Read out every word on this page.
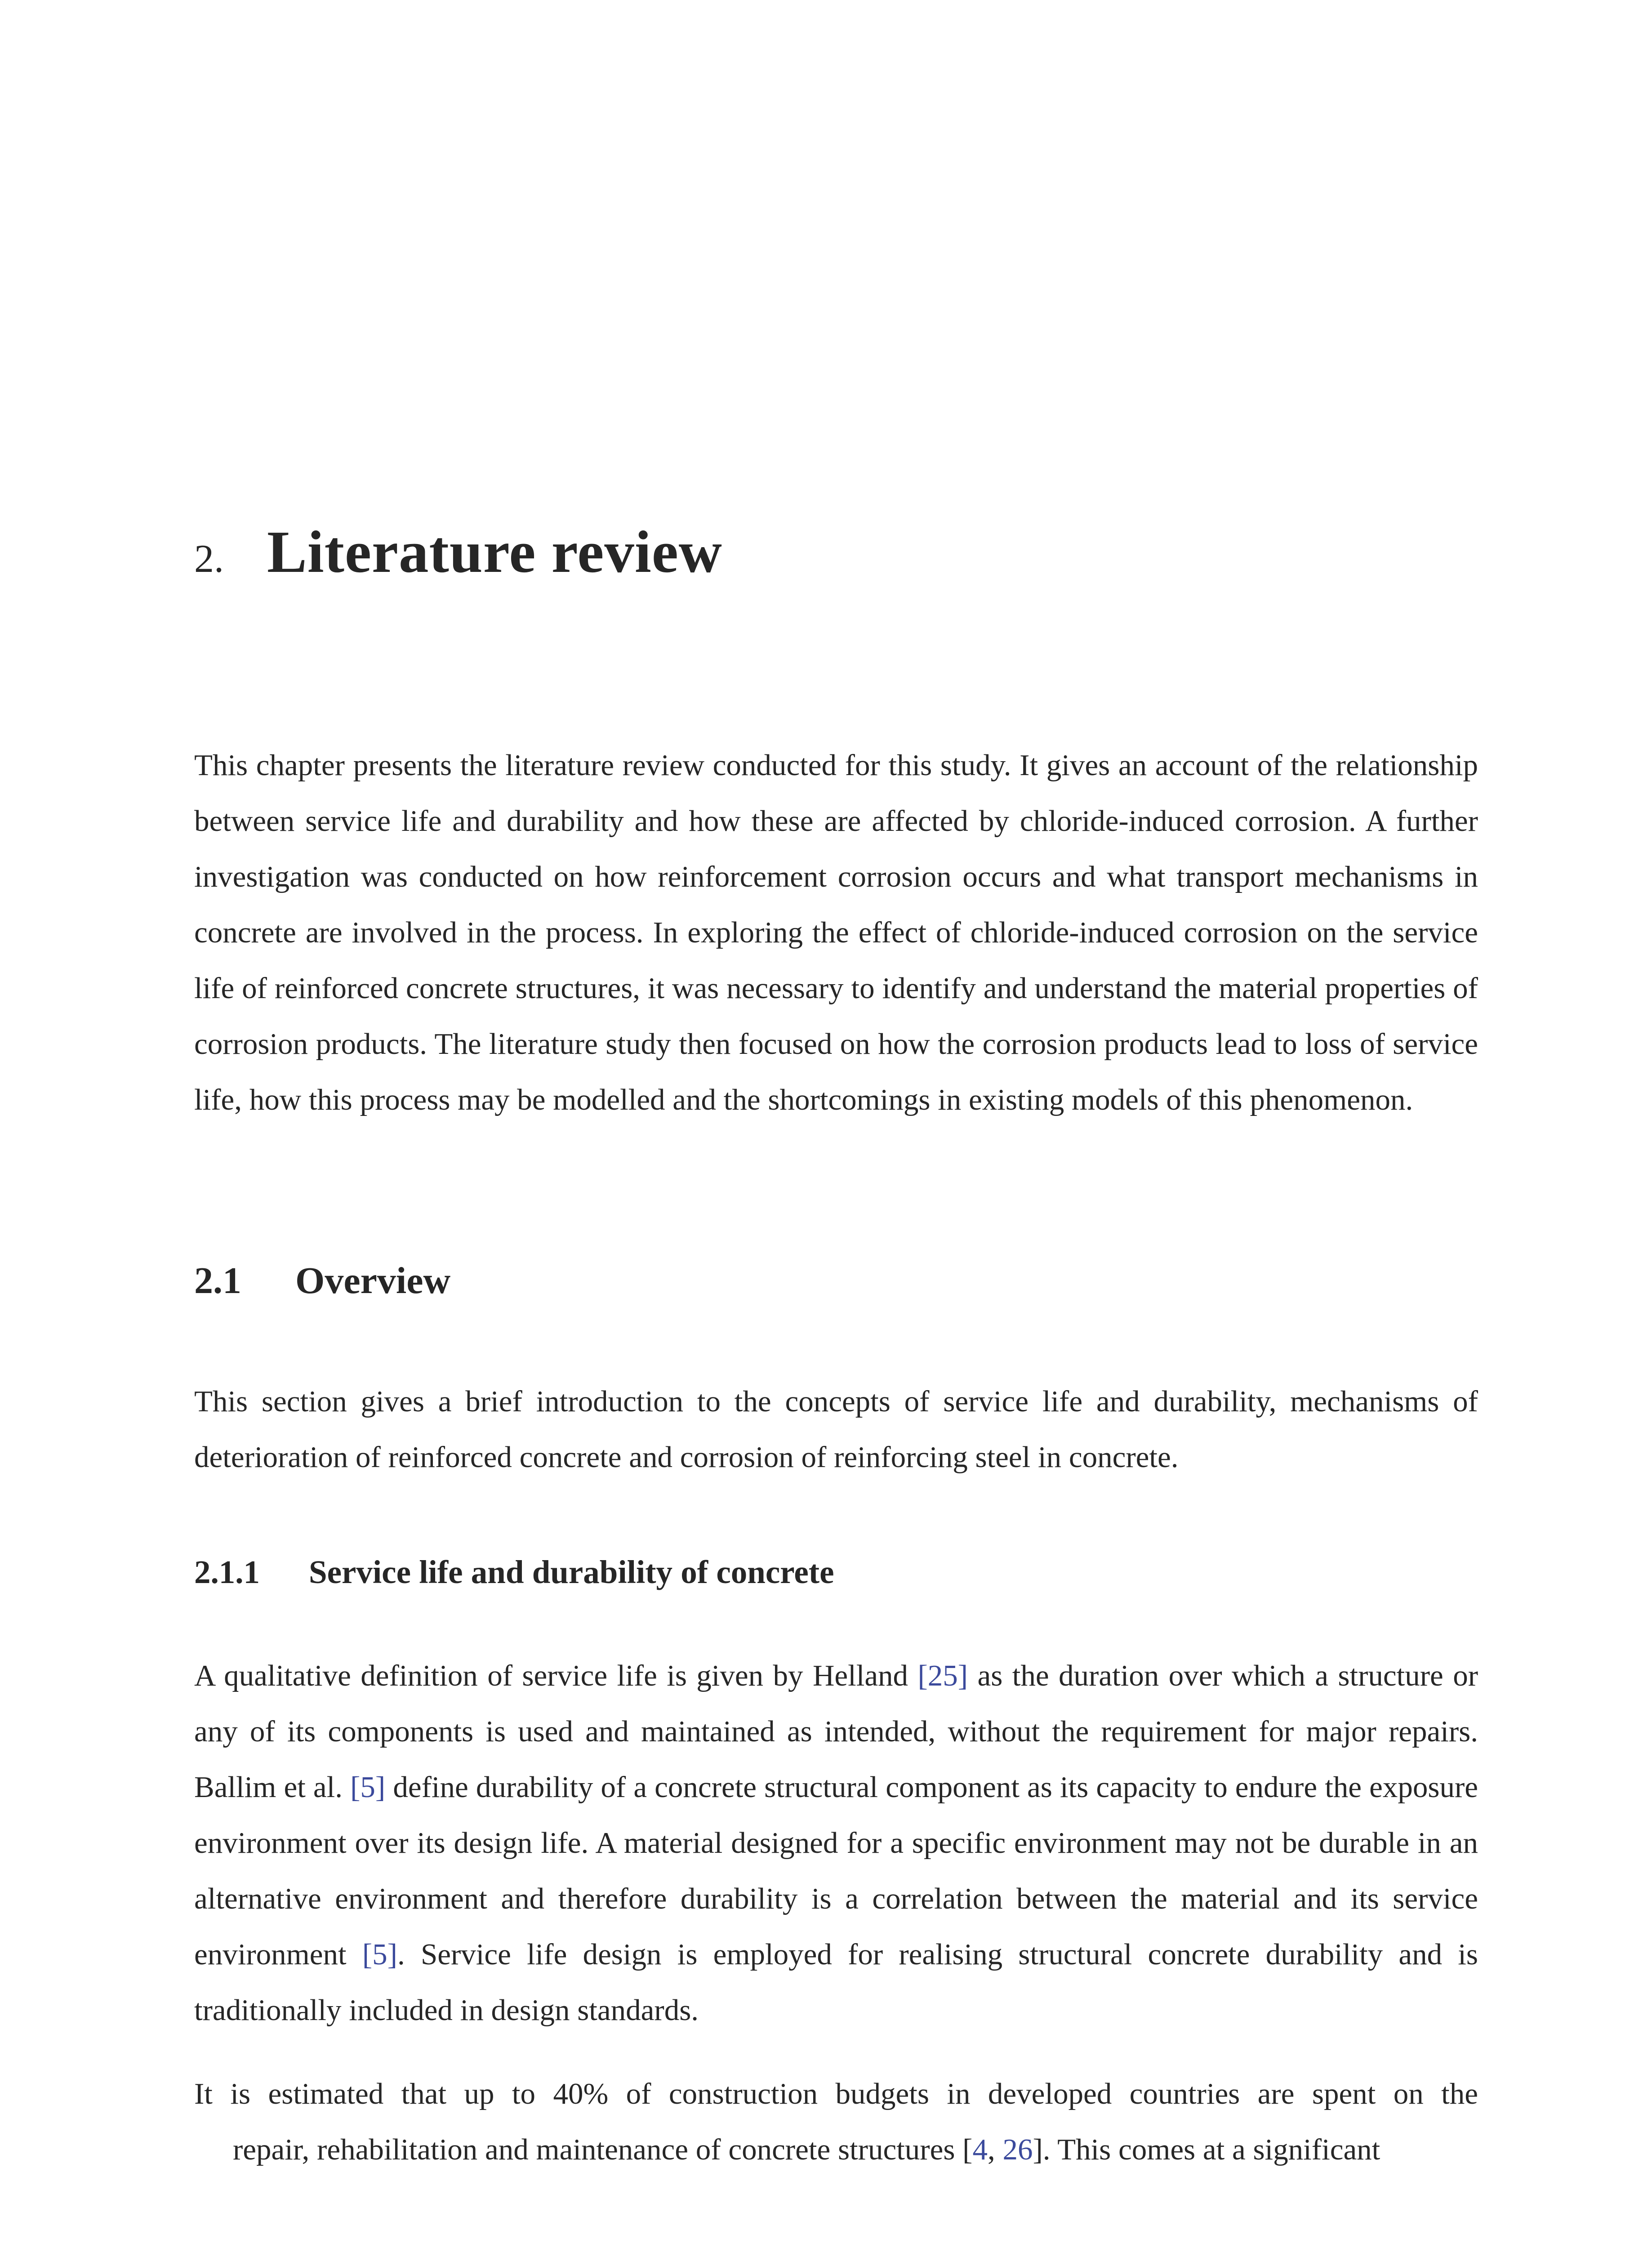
2. Literature review

This chapter presents the literature review conducted for this study. It gives an account of the relationship between service life and durability and how these are affected by chloride-induced corrosion. A further investigation was conducted on how reinforcement corrosion occurs and what transport mechanisms in concrete are involved in the process. In exploring the effect of chloride-induced corrosion on the service life of reinforced concrete structures, it was necessary to identify and understand the material properties of corrosion products. The literature study then focused on how the corrosion products lead to loss of service life, how this process may be modelled and the shortcomings in existing models of this phenomenon.

2.1	Overview

This section gives a brief introduction to the concepts of service life and durability, mechanisms of deterioration of reinforced concrete and corrosion of reinforcing steel in concrete.

2.1.1	Service life and durability of concrete

A qualitative definition of service life is given by Helland [25] as the duration over which a structure or any of its components is used and maintained as intended, without the requirement for major repairs. Ballim et al. [5] define durability of a concrete structural component as its capacity to endure the exposure environment over its design life. A material designed for a specific environment may not be durable in an alternative environment and therefore durability is a correlation between the material and its service environment [5]. Service life design is employed for realising structural concrete durability and is traditionally included in design standards.

It is estimated that up to 40% of construction budgets in developed countries are spent on the
repair, rehabilitation and maintenance of concrete structures [4, 26]. This comes at a significant
